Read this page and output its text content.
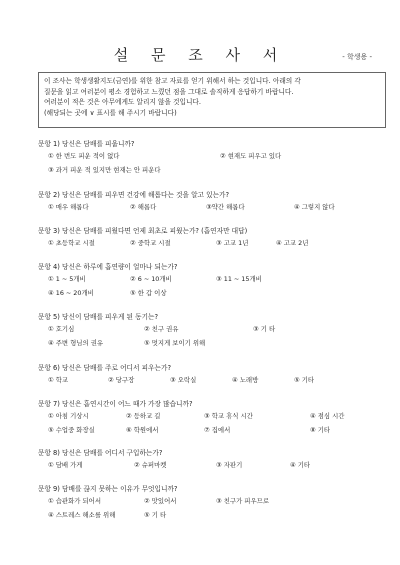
설 문 조 사 서	- 학생용 -
이 조사는 학생생활지도(금연)를 위한 참고 자료를 얻기 위해서 하는 것입니다. 아래의 각
질문을 읽고 여러분이 평소 경험하고 느꼈던 점을 그대로 솔직하게 응답하기 바랍니다.
여러분이 적은 것은 아무에게도 알리지 않을 것입니다.
(해당되는 곳에 ∨ 표시를 해 주시기 바랍니다)
문항 1) 당신은 담배를 피웁니까?
① 한 번도 피운 적이 없다	② 현재도 피우고 있다
③ 과거 피운 적 있지만 현재는 안 피운다
문항 2) 당신은 담배를 피우면 건강에 해롭다는 것을 알고 있는가?
① 매우 해롭다	② 해롭다	③약간 해롭다	④ 그렇지 않다
문항 3) 당신은 담배를 피웠다면 언제 최초로 피웠는가? (흡연자만 대답)
① 초등학교 시절	② 중학교 시절	③ 고교 1년	④ 고교 2년
문항 4) 당신은 하루에 흡연량이 얼마나 되는가?
① 1 ~ 5개비	② 6 ~ 10개비	③ 11 ~ 15개비
④ 16 ~ 20개비	⑤ 한 갑 이상
문항 5) 당신이 담배를 피우게 된 동기는?
① 호기심	② 친구 권유	③ 기 타
④ 주변 형님의 권유	⑤ 멋지게 보이기 위해
문항 6) 당신은 담배를 주로 어디서 피우는가?
① 학교	② 당구장	③ 오락실	④ 노래방	⑤ 기타
문항 7) 당신은 흡연시간이 어느 때가 가장 많습니까?
① 아침 기상시	② 등하교 길	③ 학교 휴식 시간	④ 점심 시간
⑤ 수업중 화장실	⑥ 학원에서	⑦ 집에서	⑧ 기타
문항 8) 당신은 담배를 어디서 구입하는가?
① 담배 가게	② 슈퍼마켓	③ 자판기	④ 기타
문항 9) 담배를 끊지 못하는 이유가 무엇입니까?
① 습관화가 되어서	② 맛있어서	③ 친구가 피우므로
④ 스트레스 해소를 위해	⑤ 기 타
